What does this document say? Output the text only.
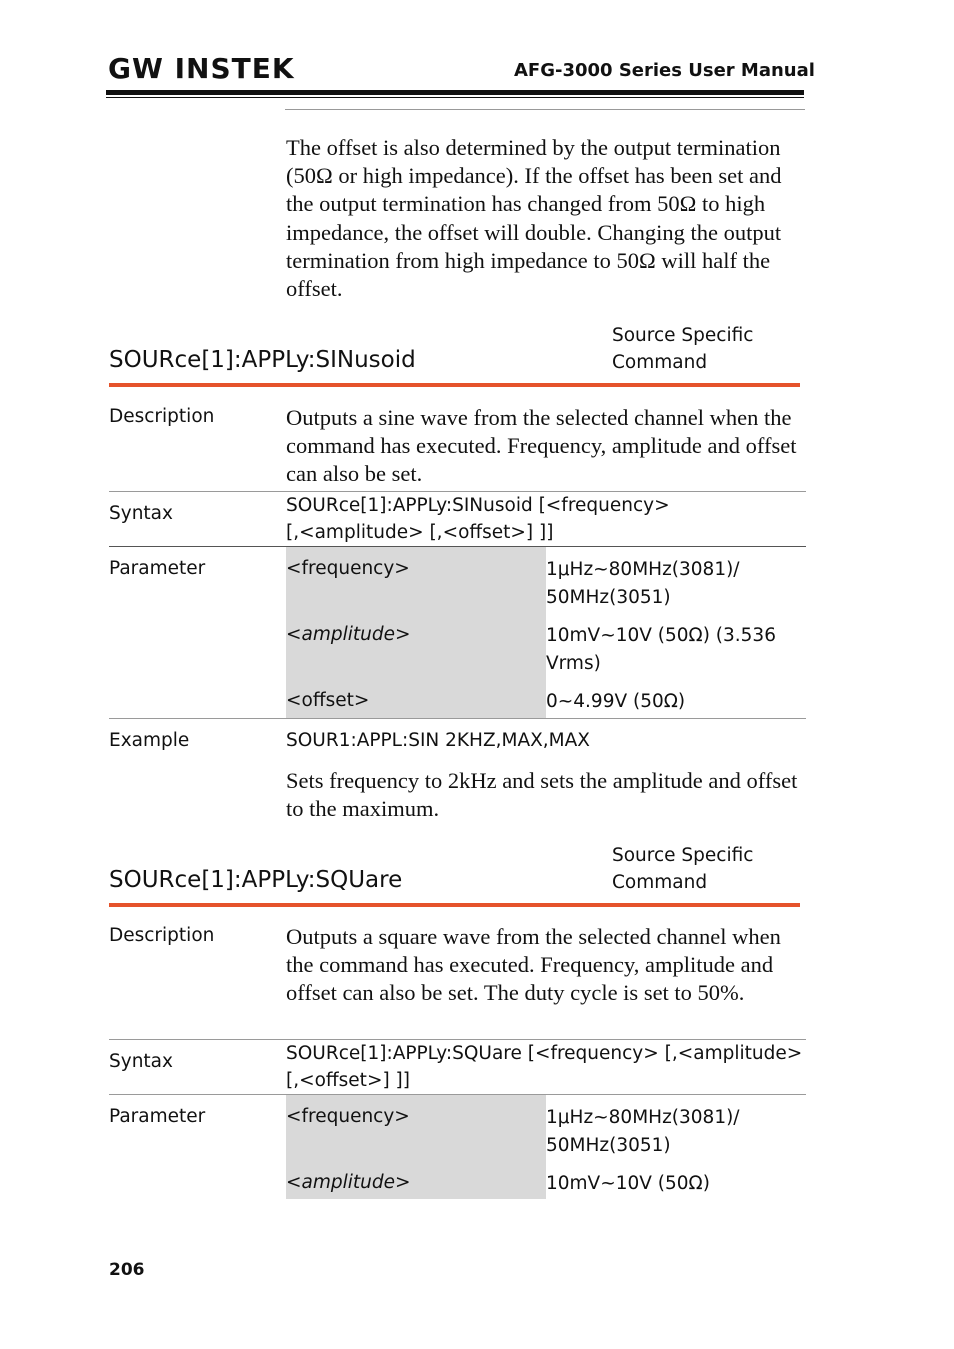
GW INSTEK	AFG-3000 Series User Manual
The offset is also determined by the output termination (50Ω or high impedance). If the offset has been set and the output termination has changed from 50Ω to high impedance, the offset will double. Changing the output termination from high impedance to 50Ω will half the offset.
Source Specific
Command
SOURce[1]:APPLy:SINusoid
Description	Outputs a sine wave from the selected channel when the command has executed. Frequency, amplitude and offset can also be set.
Syntax	SOURce[1]:APPLy:SINusoid [<frequency>
[,<amplitude> [,<offset>] ]]
Parameter	<frequency>	1μHz~80MHz(3081)/
50MHz(3051)
<amplitude>	10mV~10V (50Ω) (3.536
Vrms)
<offset>	0~4.99V (50Ω)
Example	SOUR1:APPL:SIN 2KHZ,MAX,MAX
Sets frequency to 2kHz and sets the amplitude and offset to the maximum.
Source Specific
Command
SOURce[1]:APPLy:SQUare
Description	Outputs a square wave from the selected channel when the command has executed. Frequency, amplitude and offset can also be set. The duty cycle is set to 50%.
Syntax	SOURce[1]:APPLy:SQUare [<frequency> [,<amplitude>
[,<offset>] ]]
Parameter	<frequency>	1μHz~80MHz(3081)/
50MHz(3051)
<amplitude>	10mV~10V (50Ω)
206
